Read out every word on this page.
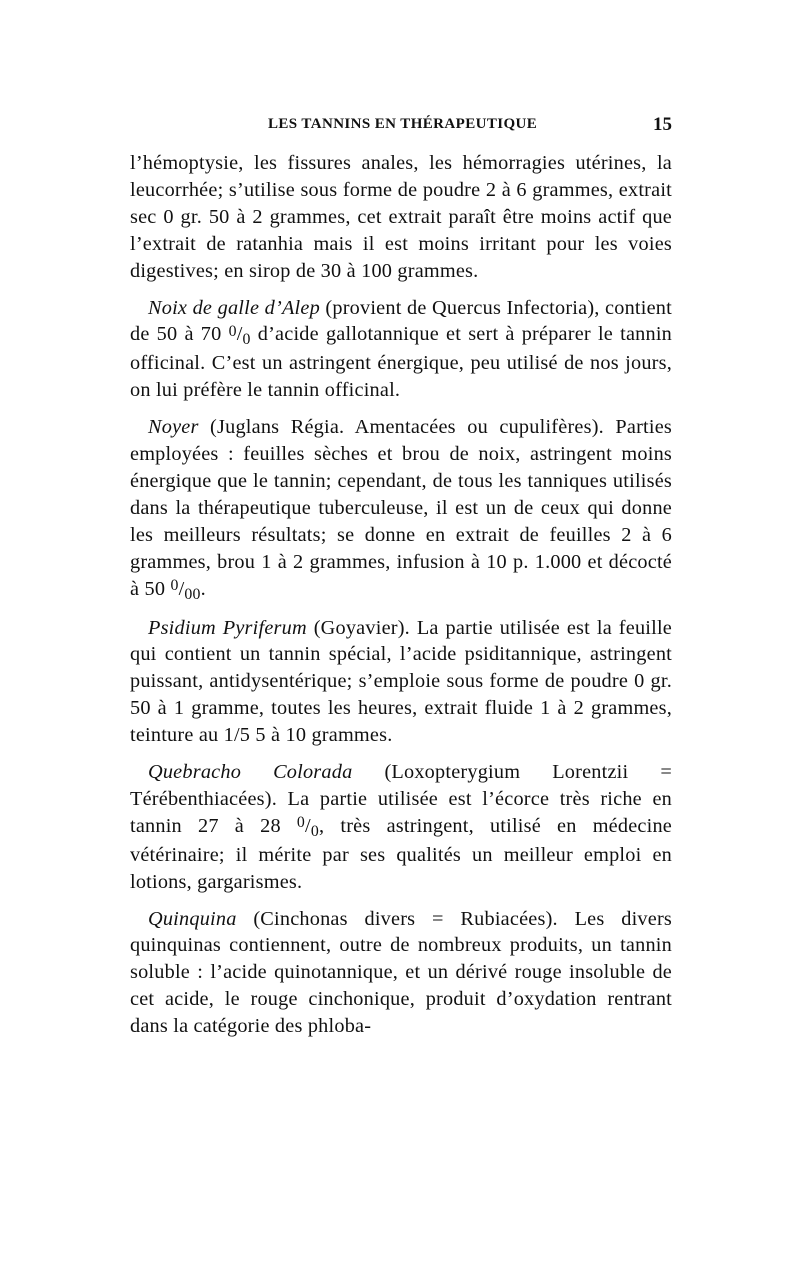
LES TANNINS EN THÉRAPEUTIQUE	15

l’hémoptysie, les fissures anales, les hémorragies utérines, la leucorrhée; s’utilise sous forme de poudre 2 à 6 grammes, extrait sec 0 gr. 50 à 2 grammes, cet extrait paraît être moins actif que l’extrait de ratanhia mais il est moins irritant pour les voies digestives; en sirop de 30 à 100 grammes.

Noix de galle d’Alep (provient de Quercus Infectoria), contient de 50 à 70 $^0$/0 d’acide gallotannique et sert à préparer le tannin officinal. C’est un astringent énergique, peu utilisé de nos jours, on lui préfère le tannin officinal.

Noyer (Juglans Régia. Amentacées ou cupulifères). Parties employées : feuilles sèches et brou de noix, astringent moins énergique que le tannin; cependant, de tous les tanniques utilisés dans la thérapeutique tuberculeuse, il est un de ceux qui donne les meilleurs résultats; se donne en extrait de feuilles 2 à 6 grammes, brou 1 à 2 grammes, infusion à 10 p. 1.000 et décocté à 50 $^0$/00.

Psidium Pyriferum (Goyavier). La partie utilisée est la feuille qui contient un tannin spécial, l’acide psiditannique, astringent puissant, antidysentérique; s’emploie sous forme de poudre 0 gr. 50 à 1 gramme, toutes les heures, extrait fluide 1 à 2 grammes, teinture au 1/5 5 à 10 grammes.

Quebracho Colorada (Loxopterygium Lorentzii = Térébenthiacées). La partie utilisée est l’écorce très riche en tannin 27 à 28 $^0$/0, très astringent, utilisé en médecine vétérinaire; il mérite par ses qualités un meilleur emploi en lotions, gargarismes.

Quinquina (Cinchonas divers = Rubiacées). Les divers quinquinas contiennent, outre de nombreux produits, un tannin soluble : l’acide quinotannique, et un dérivé rouge insoluble de cet acide, le rouge cinchonique, produit d’oxydation rentrant dans la catégorie des phloba-
